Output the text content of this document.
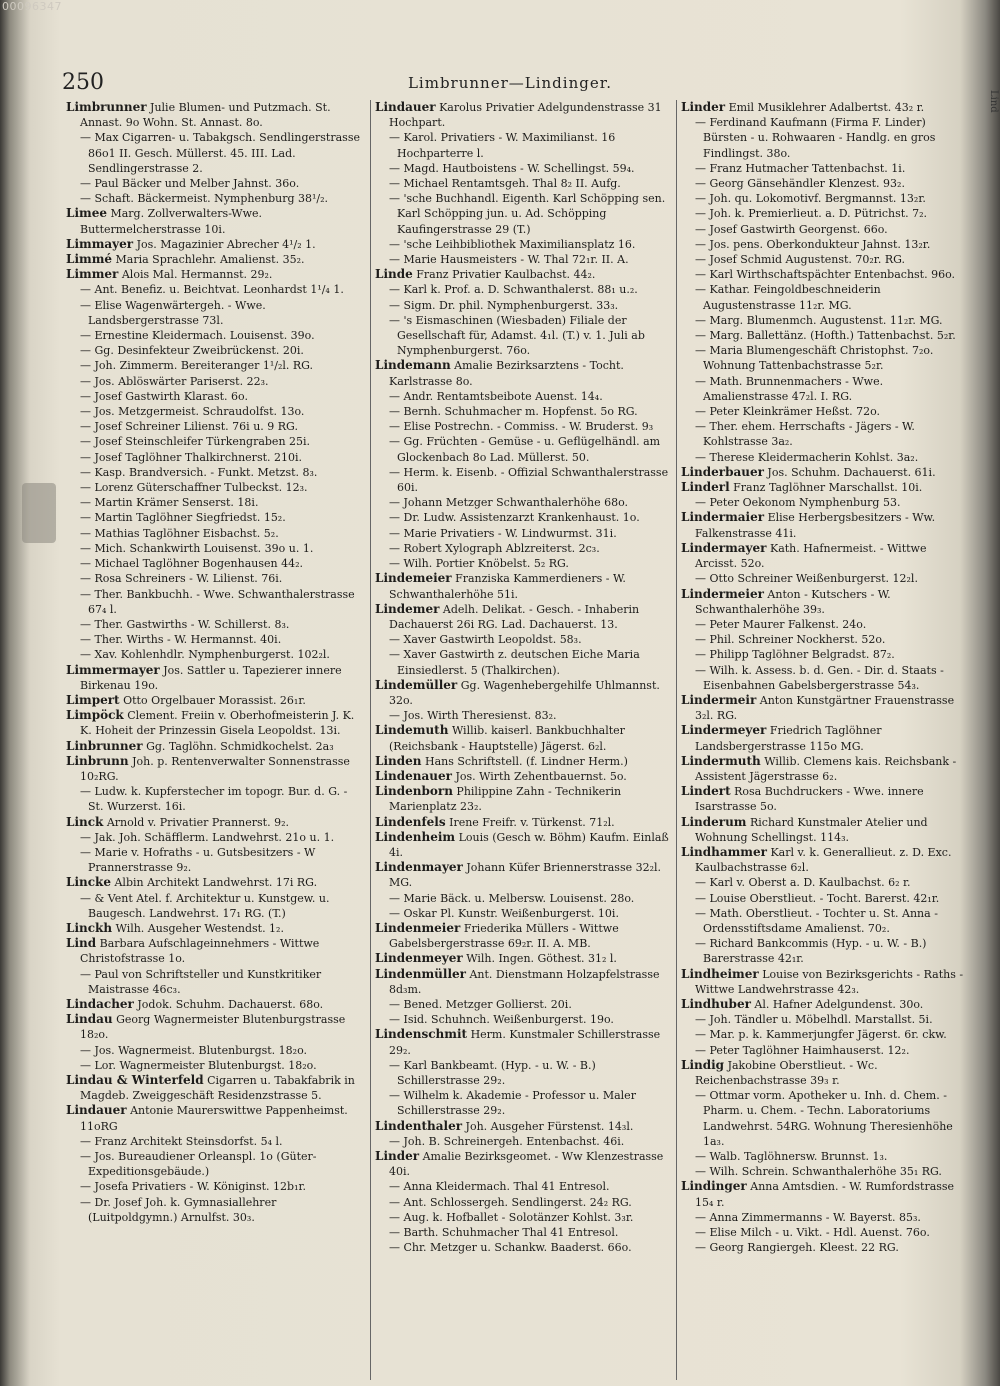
00096347
250	Limbrunner—Lindinger.
Lind

Limbrunner Julie Blumen- und Putzmach. St. Annast. 9o Wohn. St. Annast. 8o.

— Max Cigarren- u. Tabakgsch. Sendlingerstrasse 86o1 II. Gesch. Müllerst. 45. III. Lad. Sendlingerstrasse 2.

— Paul Bäcker und Melber Jahnst. 36o.

— Schaft. Bäckermeist. Nymphenburg 38¹/₂.

Limee Marg. Zollverwalters-Wwe. Buttermelcherstrasse 10i.

Limmayer Jos. Magazinier Abrecher 4¹/₂ 1.

Limmé Maria Sprachlehr. Amalienst. 35₂.

Limmer Alois Mal. Hermannst. 29₂.

— Ant. Benefiz. u. Beichtvat. Leonhardst 1¹/₄ 1.

— Elise Wagenwärtergeh. - Wwe. Landsbergerstrasse 73l.

— Ernestine Kleidermach. Louisenst. 39o.

— Gg. Desinfekteur Zweibrückenst. 20i.

— Joh. Zimmerm. Bereiteranger 1¹/₂l. RG.

— Jos. Ablöswärter Pariserst. 22₃.

— Josef Gastwirth Klarast. 6o.

— Jos. Metzgermeist. Schraudolfst. 13o.

— Josef Schreiner Lilienst. 76i u. 9 RG.

— Josef Steinschleifer Türkengraben 25i.

— Josef Taglöhner Thalkirchnerst. 210i.

— Kasp. Brandversich. - Funkt. Metzst. 8₃.

— Lorenz Güterschaffner Tulbeckst. 12₃.

— Martin Krämer Senserst. 18i.

— Martin Taglöhner Siegfriedst. 15₂.

— Mathias Taglöhner Eisbachst. 5₂.

— Mich. Schankwirth Louisenst. 39o u. 1.

— Michael Taglöhner Bogenhausen 44₂.

— Rosa Schreiners - W. Lilienst. 76i.

— Ther. Bankbuchh. - Wwe. Schwanthalerstrasse 67₄ l.

— Ther. Gastwirths - W. Schillerst. 8₃.

— Ther. Wirths - W. Hermannst. 40i.

— Xav. Kohlenhdlr. Nymphenburgerst. 102₂l.

Limmermayer Jos. Sattler u. Tapezierer innere Birkenau 19o.

Limpert Otto Orgelbauer Morassist. 26₁r.

Limpöck Clement. Freiin v. Oberhofmeisterin J. K. K. Hoheit der Prinzessin Gisela Leopoldst. 13i.

Linbrunner Gg. Taglöhn. Schmidkochelst. 2a₃

Linbrunn Joh. p. Rentenverwalter Sonnenstrasse 10₂RG.

— Ludw. k. Kupferstecher im topogr. Bur. d. G. - St. Wurzerst. 16i.

Linck Arnold v. Privatier Prannerst. 9₂.

— Jak. Joh. Schäfflerm. Landwehrst. 21o u. 1.

— Marie v. Hofraths - u. Gutsbesitzers - W Prannerstrasse 9₂.

Lincke Albin Architekt Landwehrst. 17i RG.

— & Vent Atel. f. Architektur u. Kunstgew. u. Baugesch. Landwehrst. 17₁ RG. (T.)

Linckh Wilh. Ausgeher Westendst. 1₂.

Lind Barbara Aufschlageinnehmers - Wittwe Christofstrasse 1o.

— Paul von Schriftsteller und Kunstkritiker Maistrasse 46c₃.

Lindacher Jodok. Schuhm. Dachauerst. 68o.

Lindau Georg Wagnermeister Blutenburgstrasse 18₂o.

— Jos. Wagnermeist. Blutenburgst. 18₂o.

— Lor. Wagnermeister Blutenburgst. 18₂o.

Lindau & Winterfeld Cigarren u. Tabakfabrik in Magdeb. Zweiggeschäft Residenzstrasse 5.

Lindauer Antonie Maurerswittwe Pappenheimst. 11oRG

— Franz Architekt Steinsdorfst. 5₄ l.

— Jos. Bureaudiener Orleanspl. 1o (Güter-Expeditionsgebäude.)

— Josefa Privatiers - W. Königinst. 12b₁r.

— Dr. Josef Joh. k. Gymnasiallehrer (Luitpoldgymn.) Arnulfst. 30₃.

Lindauer Karolus Privatier Adelgundenstrasse 31 Hochpart.

— Karol. Privatiers - W. Maximilianst. 16 Hochparterre l.

— Magd. Hautboistens - W. Schellingst. 59₄.

— Michael Rentamtsgeh. Thal 8₂ II. Aufg.

— 'sche Buchhandl. Eigenth. Karl Schöpping sen. Karl Schöpping jun. u. Ad. Schöpping Kaufingerstrasse 29 (T.)

— 'sche Leihbibliothek Maximiliansplatz 16.

— Marie Hausmeisters - W. Thal 72₁r. II. A.

Linde Franz Privatier Kaulbachst. 44₂.

— Karl k. Prof. a. D. Schwanthalerst. 88₁ u.₂.

— Sigm. Dr. phil. Nymphenburgerst. 33₃.

— 's Eismaschinen (Wiesbaden) Filiale der Gesellschaft für, Adamst. 4₁l. (T.) v. 1. Juli ab Nymphenburgerst. 76o.

Lindemann Amalie Bezirksarztens - Tocht. Karlstrasse 8o.

— Andr. Rentamtsbeibote Auenst. 14₄.

— Bernh. Schuhmacher m. Hopfenst. 5o RG.

— Elise Postrechn. - Commiss. - W. Bruderst. 9₃

— Gg. Früchten - Gemüse - u. Geflügelhändl. am Glockenbach 8o Lad. Müllerst. 50.

— Herm. k. Eisenb. - Offizial Schwanthalerstrasse 60i.

— Johann Metzger Schwanthalerhöhe 68o.

— Dr. Ludw. Assistenzarzt Krankenhaust. 1o.

— Marie Privatiers - W. Lindwurmst. 31i.

— Robert Xylograph Ablzreiterst. 2c₃.

— Wilh. Portier Knöbelst. 5₂ RG.

Lindemeier Franziska Kammerdieners - W. Schwanthalerhöhe 51i.

Lindemer Adelh. Delikat. - Gesch. - Inhaberin Dachauerst 26i RG. Lad. Dachauerst. 13.

— Xaver Gastwirth Leopoldst. 58₃.

— Xaver Gastwirth z. deutschen Eiche Maria Einsiedlerst. 5 (Thalkirchen).

Lindemüller Gg. Wagenhebergehilfe Uhlmannst. 32o.

— Jos. Wirth Theresienst. 83₂.

Lindemuth Willib. kaiserl. Bankbuchhalter (Reichsbank - Hauptstelle) Jägerst. 6₂l.

Linden Hans Schriftstell. (f. Lindner Herm.)

Lindenauer Jos. Wirth Zehentbauernst. 5o.

Lindenborn Philippine Zahn - Technikerin Marienplatz 23₂.

Lindenfels Irene Freifr. v. Türkenst. 71₂l.

Lindenheim Louis (Gesch w. Böhm) Kaufm. Einlaß 4i.

Lindenmayer Johann Küfer Briennerstrasse 32₂l. MG.

— Marie Bäck. u. Melbersw. Louisenst. 28o.

— Oskar Pl. Kunstr. Weißenburgerst. 10i.

Lindenmeier Friederika Müllers - Wittwe Gabelsbergerstrasse 69₂r. II. A. MB.

Lindenmeyer Wilh. Ingen. Göthest. 31₂ l.

Lindenmüller Ant. Dienstmann Holzapfelstrasse 8d₃m.

— Bened. Metzger Gollierst. 20i.

— Isid. Schuhnch. Weißenburgerst. 19o.

Lindenschmit Herm. Kunstmaler Schillerstrasse 29₂.

— Karl Bankbeamt. (Hyp. - u. W. - B.) Schillerstrasse 29₂.

— Wilhelm k. Akademie - Professor u. Maler Schillerstrasse 29₂.

Lindenthaler Joh. Ausgeher Fürstenst. 14₃l.

— Joh. B. Schreinergeh. Entenbachst. 46i.

Linder Amalie Bezirksgeomet. - Ww Klenzestrasse 40i.

— Anna Kleidermach. Thal 41 Entresol.

— Ant. Schlossergeh. Sendlingerst. 24₂ RG.

— Aug. k. Hofballet - Solotänzer Kohlst. 3₃r.

— Barth. Schuhmacher Thal 41 Entresol.

— Chr. Metzger u. Schankw. Baaderst. 66o.

Linder Emil Musiklehrer Adalbertst. 43₂ r.

— Ferdinand Kaufmann (Firma F. Linder) Bürsten - u. Rohwaaren - Handlg. en gros Findlingst. 38o.

— Franz Hutmacher Tattenbachst. 1i.

— Georg Gänsehändler Klenzest. 93₂.

— Joh. qu. Lokomotivf. Bergmannst. 13₂r.

— Joh. k. Premierlieut. a. D. Pütrichst. 7₂.

— Josef Gastwirth Georgenst. 66o.

— Jos. pens. Oberkondukteur Jahnst. 13₂r.

— Josef Schmid Augustenst. 70₂r. RG.

— Karl Wirthschaftspächter Entenbachst. 96o.

— Kathar. Feingoldbeschneiderin Augustenstrasse 11₂r. MG.

— Marg. Blumenmch. Augustenst. 11₂r. MG.

— Marg. Ballettänz. (Hofth.) Tattenbachst. 5₂r.

— Maria Blumengeschäft Christophst. 7₂o. Wohnung Tattenbachstrasse 5₂r.

— Math. Brunnenmachers - Wwe. Amalienstrasse 47₂l. I. RG.

— Peter Kleinkrämer Heßst. 72o.

— Ther. ehem. Herrschafts - Jägers - W. Kohlstrasse 3a₂.

— Therese Kleidermacherin Kohlst. 3a₂.

Linderbauer Jos. Schuhm. Dachauerst. 61i.

Linderl Franz Taglöhner Marschallst. 10i.

— Peter Oekonom Nymphenburg 53.

Lindermaier Elise Herbergsbesitzers - Ww. Falkenstrasse 41i.

Lindermayer Kath. Hafnermeist. - Wittwe Arcisst. 52o.

— Otto Schreiner Weißenburgerst. 12₂l.

Lindermeier Anton - Kutschers - W. Schwanthalerhöhe 39₃.

— Peter Maurer Falkenst. 24o.

— Phil. Schreiner Nockherst. 52o.

— Philipp Taglöhner Belgradst. 87₂.

— Wilh. k. Assess. b. d. Gen. - Dir. d. Staats - Eisenbahnen Gabelsbergerstrasse 54₃.

Lindermeir Anton Kunstgärtner Frauenstrasse 3₂l. RG.

Lindermeyer Friedrich Taglöhner Landsbergerstrasse 115o MG.

Lindermuth Willib. Clemens kais. Reichsbank - Assistent Jägerstrasse 6₂.

Lindert Rosa Buchdruckers - Wwe. innere Isarstrasse 5o.

Linderum Richard Kunstmaler Atelier und Wohnung Schellingst. 114₃.

Lindhammer Karl v. k. Generallieut. z. D. Exc. Kaulbachstrasse 6₂l.

— Karl v. Oberst a. D. Kaulbachst. 6₂ r.

— Louise Oberstlieut. - Tocht. Barerst. 42₁r.

— Math. Oberstlieut. - Tochter u. St. Anna - Ordensstiftsdame Amalienst. 70₂.

— Richard Bankcommis (Hyp. - u. W. - B.) Barerstrasse 42₁r.

Lindheimer Louise von Bezirksgerichts - Raths - Wittwe Landwehrstrasse 42₃.

Lindhuber Al. Hafner Adelgundenst. 30o.

— Joh. Tändler u. Möbelhdl. Marstallst. 5i.

— Mar. p. k. Kammerjungfer Jägerst. 6r. ckw.

— Peter Taglöhner Haimhauserst. 12₂.

Lindig Jakobine Oberstlieut. - Wc. Reichenbachstrasse 39₃ r.

— Ottmar vorm. Apotheker u. Inh. d. Chem. - Pharm. u. Chem. - Techn. Laboratoriums Landwehrst. 54RG. Wohnung Theresienhöhe 1a₃.

— Walb. Taglöhnersw. Brunnst. 1₃.

— Wilh. Schrein. Schwanthalerhöhe 35₁ RG.

Lindinger Anna Amtsdien. - W. Rumfordstrasse 15₄ r.

— Anna Zimmermanns - W. Bayerst. 85₃.

— Elise Milch - u. Vikt. - Hdl. Auenst. 76o.

— Georg Rangiergeh. Kleest. 22 RG.
